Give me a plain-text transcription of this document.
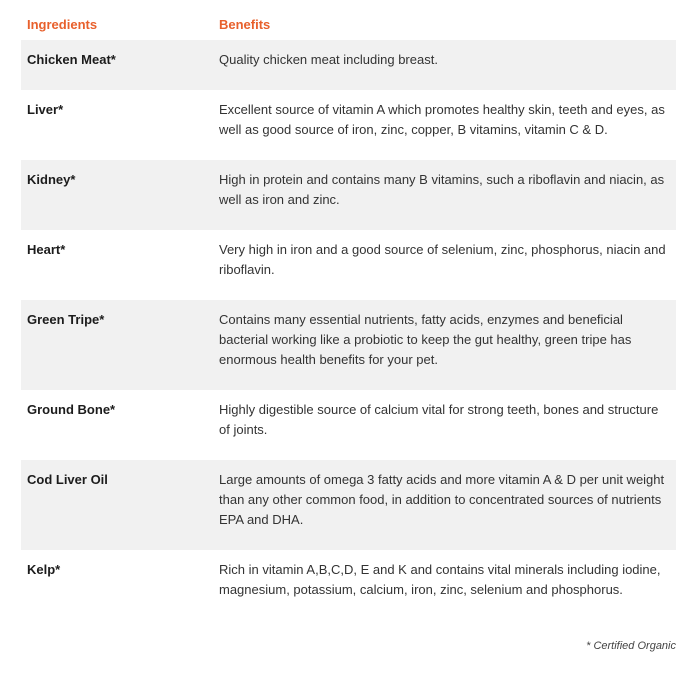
Ingredients	Benefits
Chicken Meat*	Quality chicken meat including breast.
Liver*	Excellent source of vitamin A which promotes healthy skin, teeth and eyes, as well as good source of iron, zinc, copper, B vitamins, vitamin C & D.
Kidney*	High in protein and contains many B vitamins, such a riboflavin and niacin, as well as iron and zinc.
Heart*	Very high in iron and a good source of selenium, zinc, phosphorus, niacin and riboflavin.
Green Tripe*	Contains many essential nutrients, fatty acids, enzymes and beneficial bacterial working like a probiotic to keep the gut healthy, green tripe has enormous health benefits for your pet.
Ground Bone*	Highly digestible source of calcium vital for strong teeth, bones and structure of joints.
Cod Liver Oil	Large amounts of omega 3 fatty acids and more vitamin A & D per unit weight than any other common food, in addition to concentrated sources of nutrients EPA and DHA.
Kelp*	Rich in vitamin A,B,C,D, E and K and contains vital minerals including iodine, magnesium, potassium, calcium, iron, zinc, selenium and phosphorus.
* Certified Organic
